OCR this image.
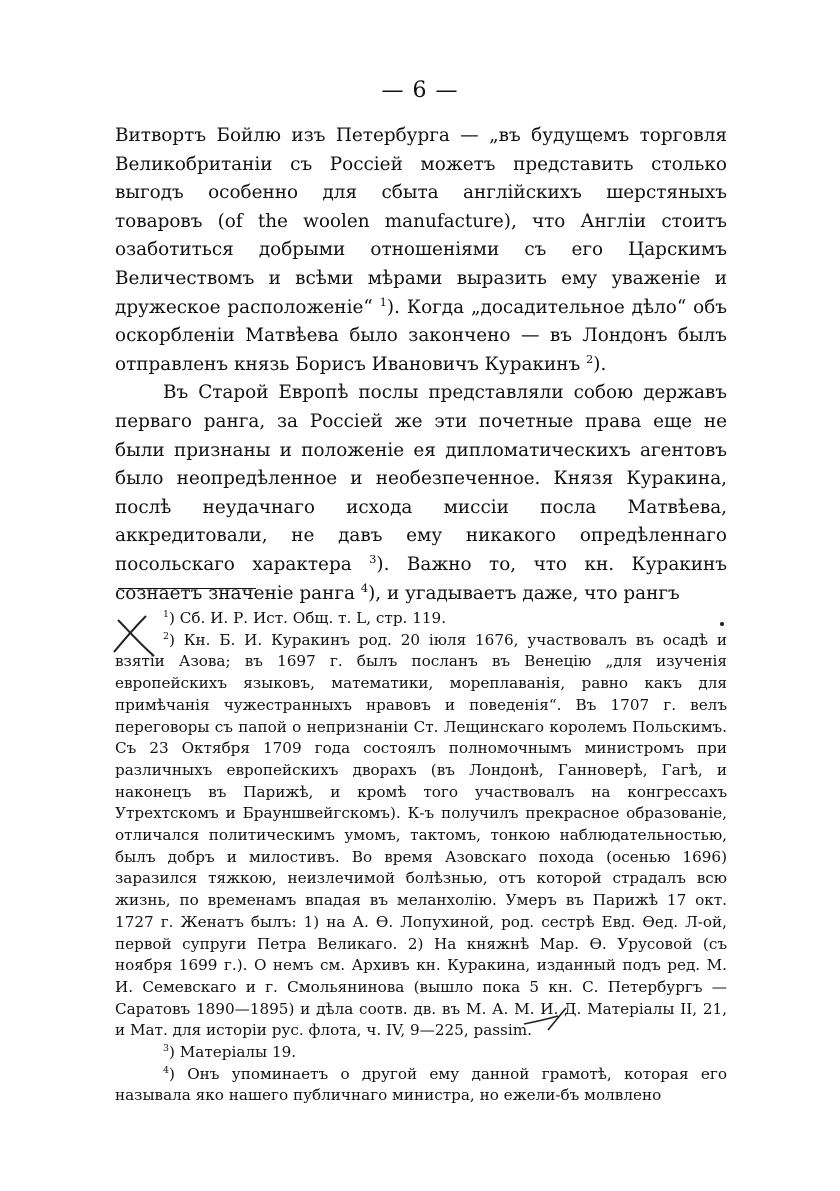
— 6 —

Витвортъ Бойлю изъ Петербурга — „въ будущемъ торговля Великобританіи съ Россіей можетъ представить столько выгодъ особенно для сбыта англійскихъ шерстяныхъ товаровъ (of the woolen manufacture), что Англіи стоитъ озаботиться добрыми отношеніями съ его Царскимъ Величествомъ и всѣми мѣрами выразить ему уваженіе и дружеское расположеніе“ $^1$). Когда „досадительное дѣло“ объ оскорбленіи Матвѣева было закончено — въ Лондонъ былъ отправленъ князь Борисъ Ивановичъ Куракинъ $^2$).

Въ Старой Европѣ послы представляли собою державъ перваго ранга, за Россіей же эти почетные права еще не были признаны и положеніе ея дипломатическихъ агентовъ было неопредѣленное и необезпеченное. Князя Куракина, послѣ неудачнаго исхода миссіи посла Матвѣева, аккредитовали, не давъ ему никакого опредѣленнаго посольскаго характера $^3$). Важно то, что кн. Куракинъ сознаетъ значеніе ранга $^4$), и угадываетъ даже, что рангъ

$^1$) Сб. И. Р. Ист. Общ. т. L, стр. 119.

$^2$) Кн. Б. И. Куракинъ род. 20 іюля 1676, участвовалъ въ осадѣ и взятіи Азова; въ 1697 г. былъ посланъ въ Венецію „для изученія европейскихъ языковъ, математики, мореплаванія, равно какъ для примѣчанія чужестранныхъ нравовъ и поведенія“. Въ 1707 г. велъ переговоры съ папой о непризнаніи Ст. Лещинскаго королемъ Польскимъ. Съ 23 Октября 1709 года состоялъ полномочнымъ министромъ при различныхъ европейскихъ дворахъ (въ Лондонѣ, Ганноверѣ, Гагѣ, и наконецъ въ Парижѣ, и кромѣ того участвовалъ на конгрессахъ Утрехтскомъ и Брауншвейгскомъ). К-ъ получилъ прекрасное образованіе, отличался политическимъ умомъ, тактомъ, тонкою наблюдательностью, былъ добръ и милостивъ. Во время Азовскаго похода (осенью 1696) заразился тяжкою, неизлечимой болѣзнью, отъ которой страдалъ всю жизнь, по временамъ впадая въ меланхолію. Умеръ въ Парижѣ 17 окт. 1727 г. Женатъ былъ: 1) на А. Ѳ. Лопухиной, род. сестрѣ Евд. Ѳед. Л-ой, первой супруги Петра Великаго. 2) На княжнѣ Мар. Ѳ. Урусовой (съ ноября 1699 г.). О немъ см. Архивъ кн. Куракина, изданный подъ ред. М. И. Семевскаго и г. Смольянинова (вышло пока 5 кн. С. Петербургъ — Саратовъ 1890—1895) и дѣла соотв. дв. въ М. А. М. И. Д. Матеріалы II, 21, и Мат. для исторіи рус. флота, ч. IV, 9—225, passim.

$^3$) Матеріалы 19.

$^4$) Онъ упоминаетъ о другой ему данной грамотѣ, которая его называла яко нашего публичнаго министра, но ежели-бъ молвлено
